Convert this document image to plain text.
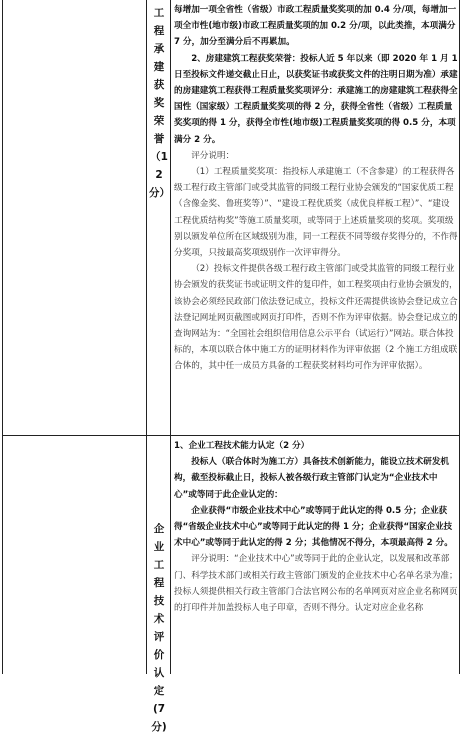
工程承建获奖荣誉（12分）

每增加一项全省性（省级）市政工程质量奖奖项的加 0.4 分/项，每增加一项全市性(地市级)市政工程质量奖项的加 0.2 分/项，以此类推，本项满分 7 分，加分至满分后不再累加。

2、房建建筑工程获奖荣誉：投标人近 5 年以来（即 2020 年 1 月 1 日至投标文件递交截止日止，以获奖证书或获奖文件的注明日期为准）承建的房建建筑工程获得工程质量奖奖项评分：承建施工的房建建筑工程获得全国性（国家级）工程质量奖奖项的得 2 分，获得全省性（省级）工程质量奖奖项的得 1 分，获得全市性(地市级)工程质量奖奖项的得 0.5 分，本项满分 2 分。

评分说明：

（1）工程质量奖奖项：指投标人承建施工（不含参建）的工程获得各级工程行政主管部门或受其监管的同级工程行业协会颁发的“国家优质工程（含像金奖、鲁班奖等）”、“建设工程优质奖（成优良样板工程）”、“建设工程优质结构奖”等施工质量奖项，或等同于上述质量奖项的奖项。奖项级别以颁发单位所在区域级别为准，同一工程获不同等级存奖得分的，不作得分奖项，只按最高奖项级别作一次评审得分。

（2）投标文件提供各级工程行政主管部门或受其监管的同级工程行业协会颁发的获奖证书或证明文件的复印件，如工程奖项由行业协会颁发的，该协会必须经民政部门依法登记成立，投标文件还需提供该协会登记成立合法登记网址网页截图或网页打印件，否则不作为评审依据。协会登记成立的查询网站为：“全国社会组织信用信息公示平台（试运行）”网站。联合体投标的，本项以联合体中施工方的证明材料作为评审依据（2 个施工方组成联合体的，其中任一成员方具备的工程获奖材料均可作为评审依据）。

企业工程技术评价认定(7分)

1、企业工程技术能力认定（2 分）

投标人（联合体时为施工方）具备技术创新能力，能设立技术研发机构，截至投标截止日，投标人被各级行政主管部门认定为“企业技术中心”或等同于此企业认定的：

企业获得“市级企业技术中心”或等同于此认定的得 0.5 分；企业获得“省级企业技术中心”或等同于此认定的得 1 分；企业获得“国家企业技术中心”或等同于此认定的得 2 分；其他情况不得分，本项最高得 2 分。

评分说明：“企业技术中心”或等同于此的企业认定，以发展和改革部门、科学技术部门或相关行政主管部门颁发的企业技术中心名单名录为准；投标人须提供相关行政主管部门合法官网公布的名单网页对应企业名称网页的打印件并加盖投标人电子印章，否则不得分。认定对应企业名称
